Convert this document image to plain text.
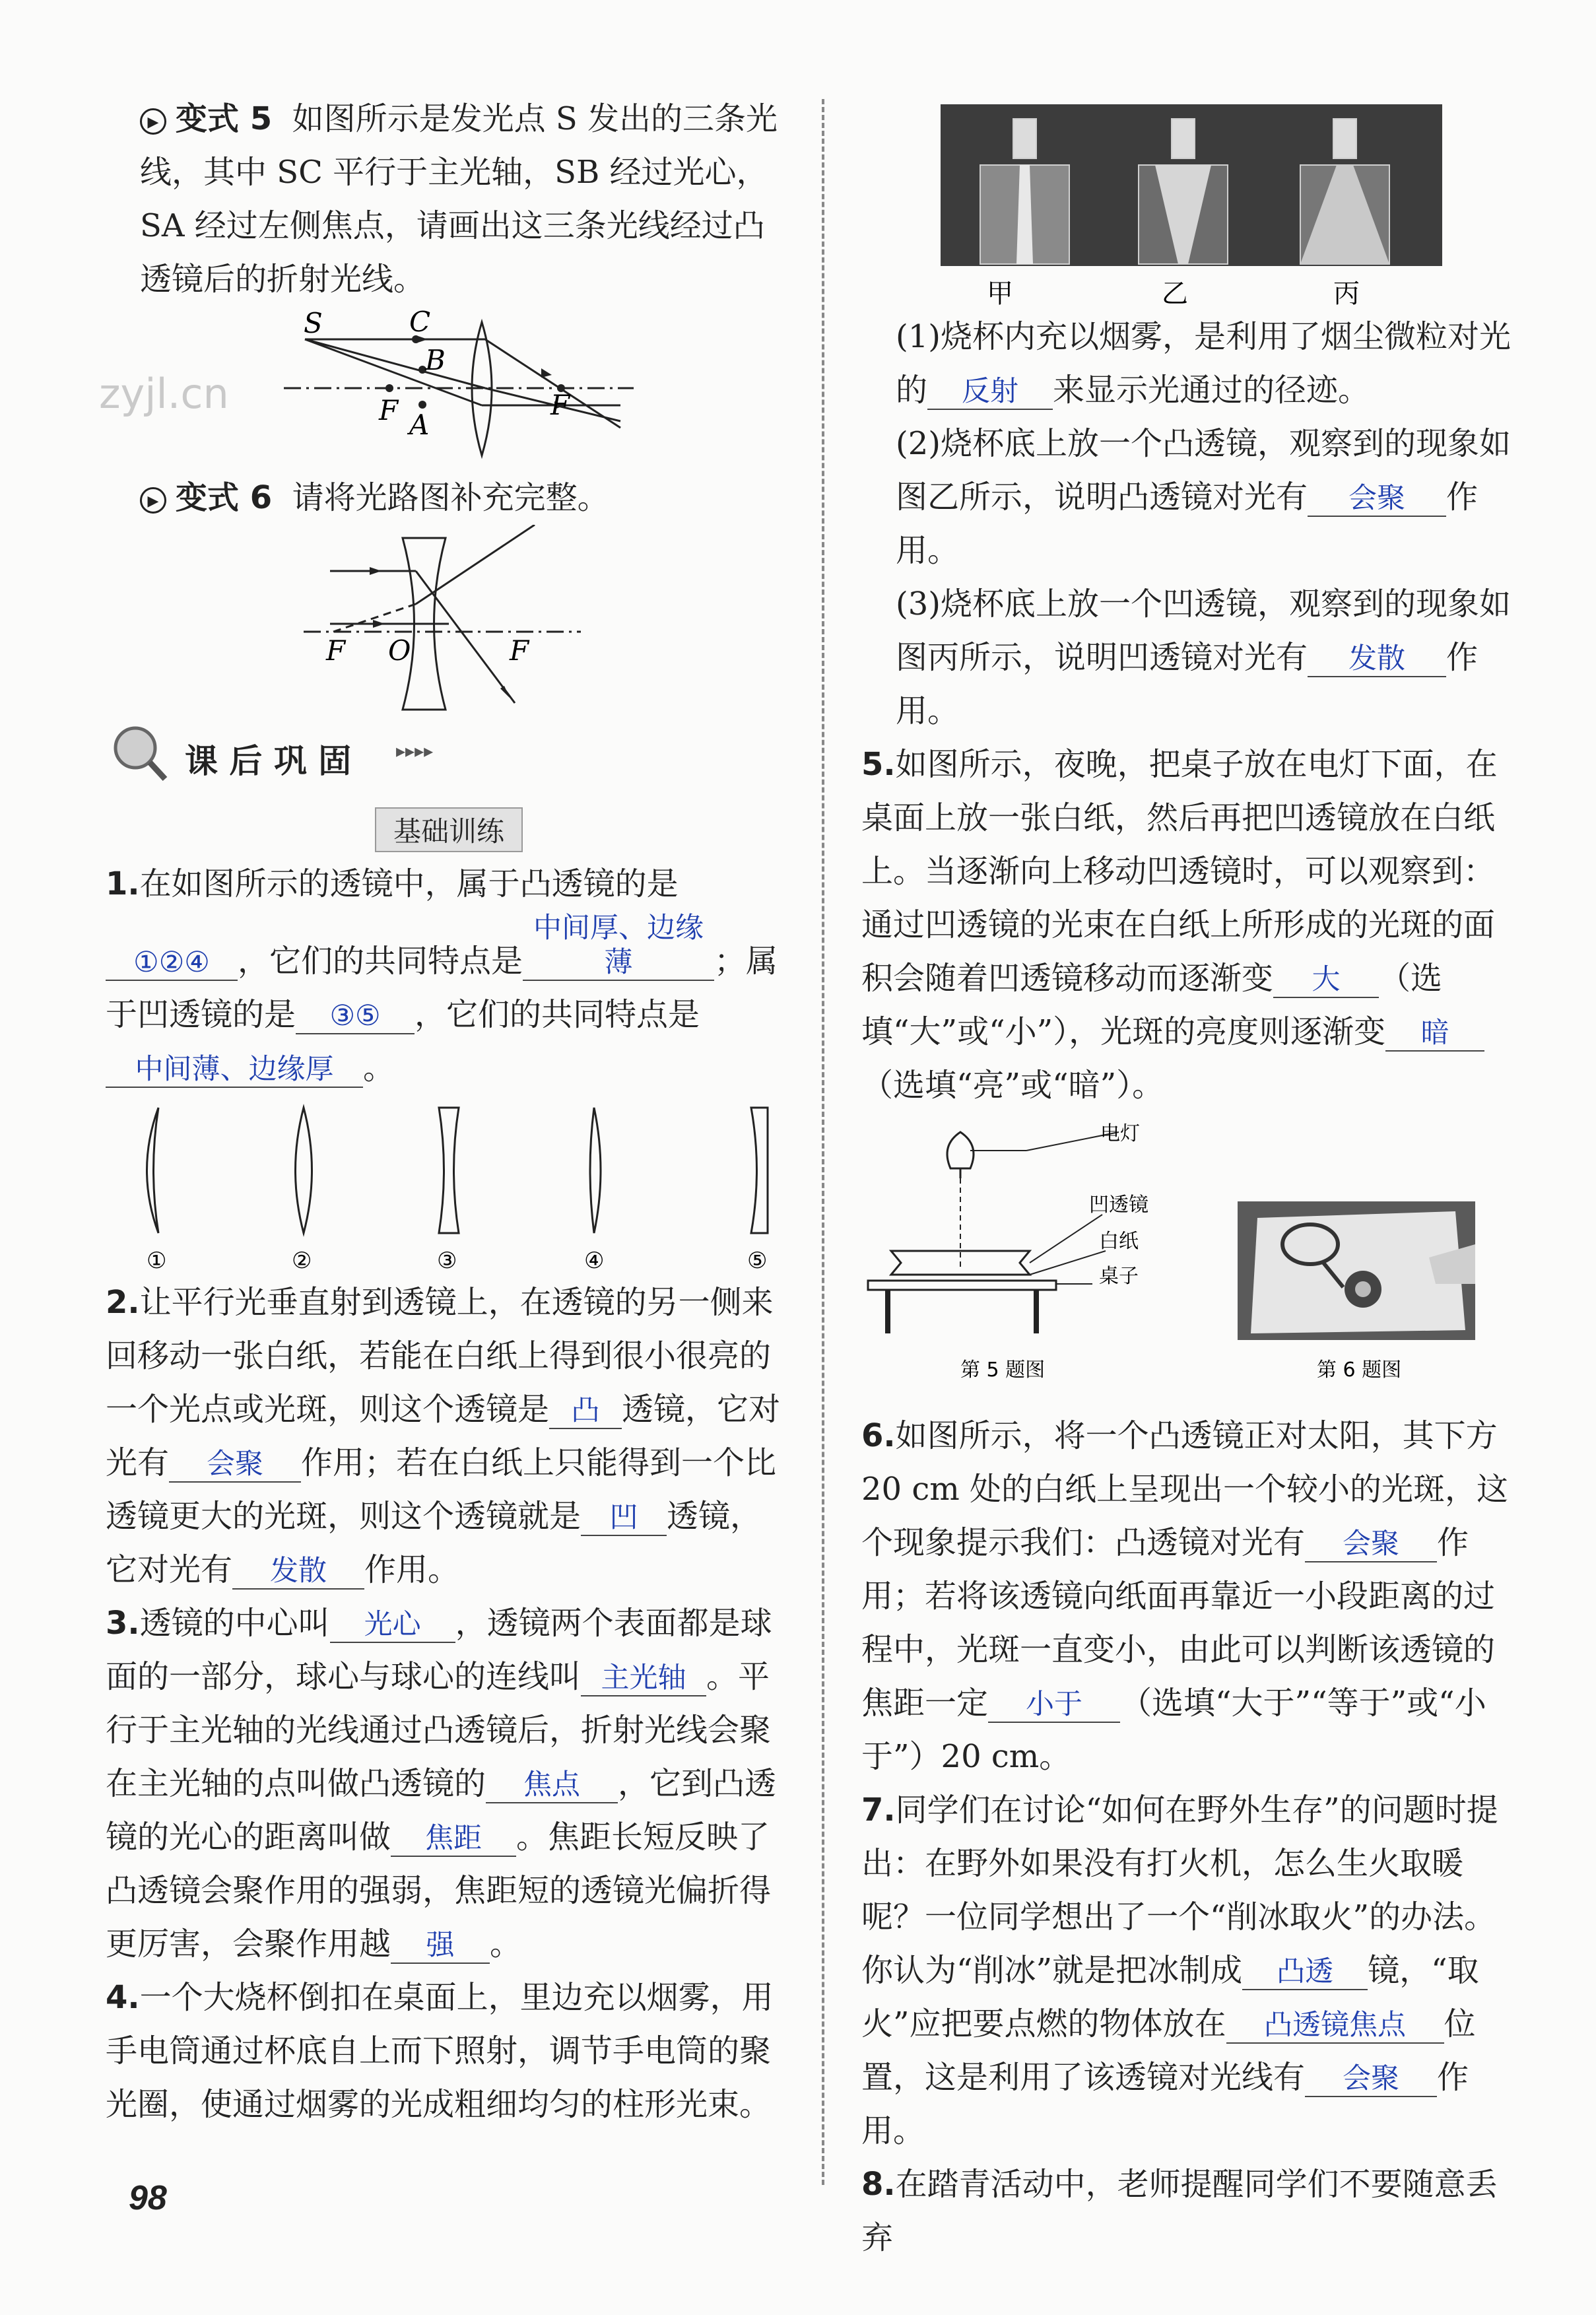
zyjl.cn

▶ 变式 5 如图所示是发光点 S 发出的三条光线，其中 SC 平行于主光轴，SB 经过光心，SA 经过左侧焦点，请画出这三条光线经过凸透镜后的折射光线。

S	C
B
F A
F

▶ 变式 6 请将光路图补充完整。

F O	F
课 后 巩 固 ▸▸▸▸
基础训练

1.在如图所示的透镜中，属于凸透镜的是①②④ ，它们的共同特点是中间厚、边缘薄	；属于凹透镜的是 ③⑤ ，它们的共同特点是中间薄、边缘厚 。

①	②	③	④	⑤

2.让平行光垂直射到透镜上，在透镜的另一侧来回移动一张白纸，若能在白纸上得到很小很亮的一个光点或光斑，则这个透镜是 凸 透镜，它对光有 会聚 作用；若在白纸上只能得到一个比透镜更大的光斑，则这个透镜就是 凹 透镜，它对光有 发散 作用。

3.透镜的中心叫 光心 ，透镜两个表面都是球面的一部分，球心与球心的连线叫 主光轴 。平行于主光轴的光线通过凸透镜后，折射光线会聚在主光轴的点叫做凸透镜的 焦点 ，它到凸透镜的光心的距离叫做 焦距 。焦距长短反映了凸透镜会聚作用的强弱，焦距短的透镜光偏折得更厉害，会聚作用越 强 。

4.一个大烧杯倒扣在桌面上，里边充以烟雾，用手电筒通过杯底自上而下照射，调节手电筒的聚光圈，使通过烟雾的光成粗细均匀的柱形光束。

甲	乙	丙

(1)烧杯内充以烟雾，是利用了烟尘微粒对光的 反射 来显示光通过的径迹。

(2)烧杯底上放一个凸透镜，观察到的现象如图乙所示，说明凸透镜对光有 会聚 作用。

(3)烧杯底上放一个凹透镜，观察到的现象如图丙所示，说明凹透镜对光有 发散 作用。

5.如图所示，夜晚，把桌子放在电灯下面，在桌面上放一张白纸，然后再把凹透镜放在白纸上。当逐渐向上移动凹透镜时，可以观察到：通过凹透镜的光束在白纸上所形成的光斑的面积会随着凹透镜移动而逐渐变 大 （选填“大”或“小”），光斑的亮度则逐渐变 暗（选填“亮”或“暗”）。

电灯
凹透镜
白纸
桌子
第 5 题图	第 6 题图

6.如图所示，将一个凸透镜正对太阳，其下方 20 cm 处的白纸上呈现出一个较小的光斑，这个现象提示我们：凸透镜对光有 会聚 作用；若将该透镜向纸面再靠近一小段距离的过程中，光斑一直变小，由此可以判断该透镜的焦距一定 小于 （选填“大于”“等于”或“小于”）20 cm。

7.同学们在讨论“如何在野外生存”的问题时提出：在野外如果没有打火机，怎么生火取暖呢？一位同学想出了一个“削冰取火”的办法。你认为“削冰”就是把冰制成 凸透 镜，“取火”应把要点燃的物体放在 凸透镜焦点 位置，这是利用了该透镜对光线有 会聚 作用。

8.在踏青活动中，老师提醒同学们不要随意丢弃

98
